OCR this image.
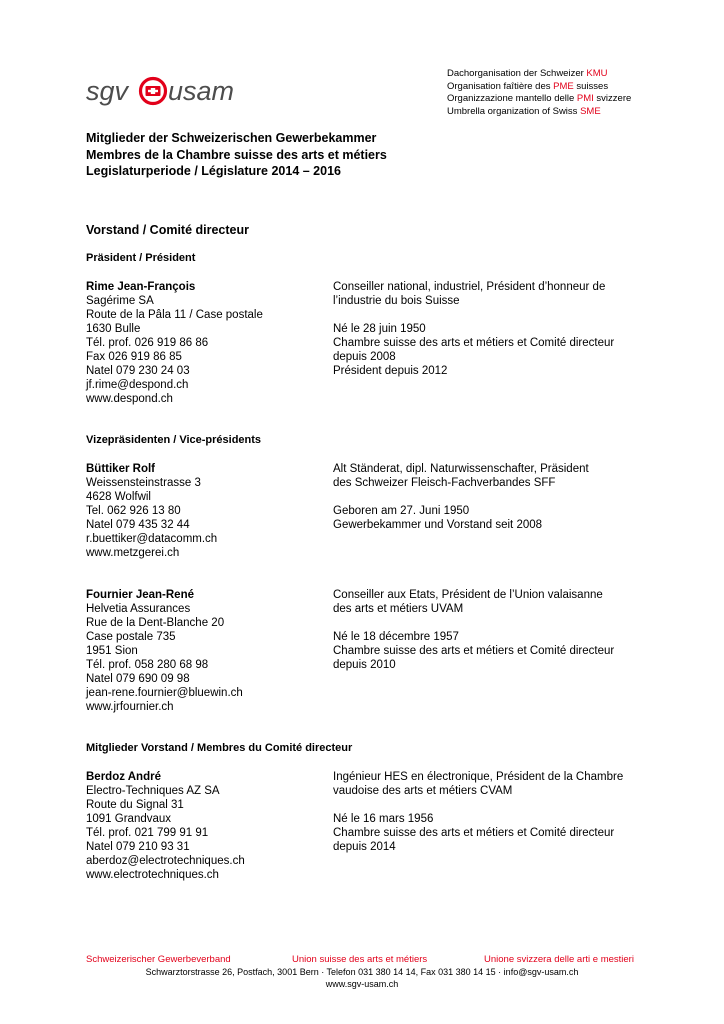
sgv usam
Dachorganisation der Schweizer KMU
Organisation faîtière des PME suisses
Organizzazione mantello delle PMI svizzere
Umbrella organization of Swiss SME
Mitglieder der Schweizerischen Gewerbekammer
Membres de la Chambre suisse des arts et métiers
Legislaturperiode / Législature 2014 – 2016
Vorstand / Comité directeur
Präsident / Président
Rime Jean-François
Sagérime SA
Route de la Pâla 11 / Case postale
1630 Bulle
Tél. prof. 026 919 86 86
Fax 026 919 86 85
Natel 079 230 24 03
jf.rime@despond.ch
www.despond.ch
Conseiller national, industriel, Président d’honneur de
l’industrie du bois Suisse
Né le 28 juin 1950
Chambre suisse des arts et métiers et Comité directeur
depuis 2008
Président depuis 2012
Vizepräsidenten / Vice-présidents
Büttiker Rolf
Weissensteinstrasse 3
4628 Wolfwil
Tel. 062 926 13 80
Natel 079 435 32 44
r.buettiker@datacomm.ch
www.metzgerei.ch
Alt Ständerat, dipl. Naturwissenschafter, Präsident
des Schweizer Fleisch-Fachverbandes SFF
Geboren am 27. Juni 1950
Gewerbekammer und Vorstand seit 2008
Fournier Jean-René
Helvetia Assurances
Rue de la Dent-Blanche 20
Case postale 735
1951 Sion
Tél. prof. 058 280 68 98
Natel 079 690 09 98
jean-rene.fournier@bluewin.ch
www.jrfournier.ch
Conseiller aux Etats, Président de l’Union valaisanne
des arts et métiers UVAM
Né le 18 décembre 1957
Chambre suisse des arts et métiers et Comité directeur
depuis 2010
Mitglieder Vorstand / Membres du Comité directeur
Berdoz André
Electro-Techniques AZ SA
Route du Signal 31
1091 Grandvaux
Tél. prof. 021 799 91 91
Natel 079 210 93 31
aberdoz@electrotechniques.ch
www.electrotechniques.ch
Ingénieur HES en électronique, Président de la Chambre
vaudoise des arts et métiers CVAM
Né le 16 mars 1956
Chambre suisse des arts et métiers et Comité directeur
depuis 2014
Schweizerischer Gewerbeverband	Union suisse des arts et métiers	Unione svizzera delle arti e mestieri
Schwarztorstrasse 26, Postfach, 3001 Bern · Telefon 031 380 14 14, Fax 031 380 14 15 · info@sgv-usam.ch
www.sgv-usam.ch
